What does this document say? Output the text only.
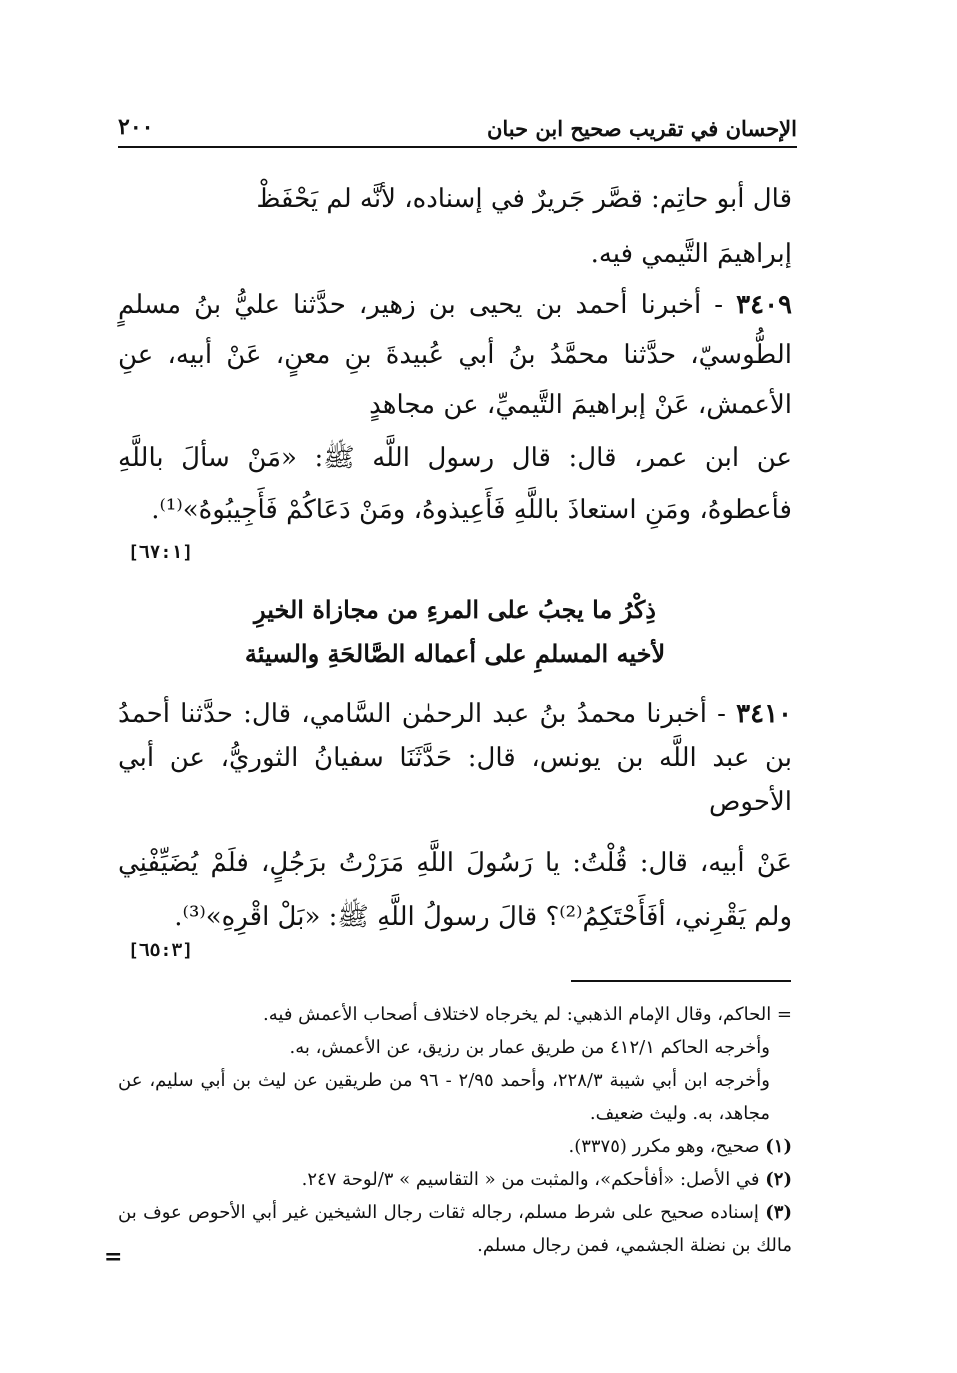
الإحسان في تقريب صحيح ابن حبان
٢٠٠
قال أبو حاتِم: قصَّر جَريرٌ في إسناده، لأنَّه لم يَحْفَظْ
إبراهيمَ التَّيمي فيه.
٣٤٠٩ - أخبرنا أحمد بن يحيى بن زهير، حدَّثنا عليُّ بنُ مسلمٍ الطُّوسيّ، حدَّثنا محمَّدُ بنُ أبي عُبيدةَ بنِ معنٍ، عَنْ أبيه، عنِ الأعمش، عَنْ إبراهيمَ التَّيميِّ، عن مجاهدٍ
عن ابن عمر، قال: قال رسول اللَّه ﷺ: «مَنْ سألَ باللَّهِ فأعطوهُ، ومَنِ استعاذَ باللَّهِ فَأَعِيذوهُ، ومَنْ دَعَاكُمْ فَأَجِيبُوهُ»⁽¹⁾.
[٦٧:١]
ذِكْرُ ما يجبُ على المرءِ من مجازاة الخيرِ
لأخيه المسلمِ على أعماله الصَّالحَةِ والسيئة
٣٤١٠ - أخبرنا محمدُ بنُ عبد الرحمٰن السَّامي، قال: حدَّثنا أحمدُ بن عبد اللَّه بن يونس، قال: حَدَّثَنَا سفيانُ الثوريُّ، عن أبي الأحوص
عَنْ أبيه، قال: قُلْتُ: يا رَسُولَ اللَّهِ مَرَرْتُ برَجُلٍ، فلَمْ يُضَيِّفْنِي ولم يَقْرِني، أفَأَحْتَكِمُ⁽²⁾؟ قالَ رسولُ اللَّهِ ﷺ: «بَلْ اقْرِهِ»⁽³⁾.
[٦٥:٣]
= الحاكم، وقال الإمام الذهبي: لم يخرجاه لاختلاف أصحاب الأعمش فيه.
وأخرجه الحاكم ٤١٢/١ من طريق عمار بن رزيق، عن الأعمش، به.
وأخرجه ابن أبي شيبة ٢٢٨/٣، وأحمد ٢/٩٥ - ٩٦ من طريقين عن ليث بن أبي سليم، عن مجاهد، به. وليث ضعيف.
(١) صحيح، وهو مكرر (٣٣٧٥).
(٢) في الأصل: «أفأحكم»، والمثبت من « التقاسيم » ٣/لوحة ٢٤٧.
(٣) إسناده صحيح على شرط مسلم، رجاله ثقات رجال الشيخين غير أبي الأحوص عوف بن مالك بن نضلة الجشمي، فمن رجال مسلم.
=
